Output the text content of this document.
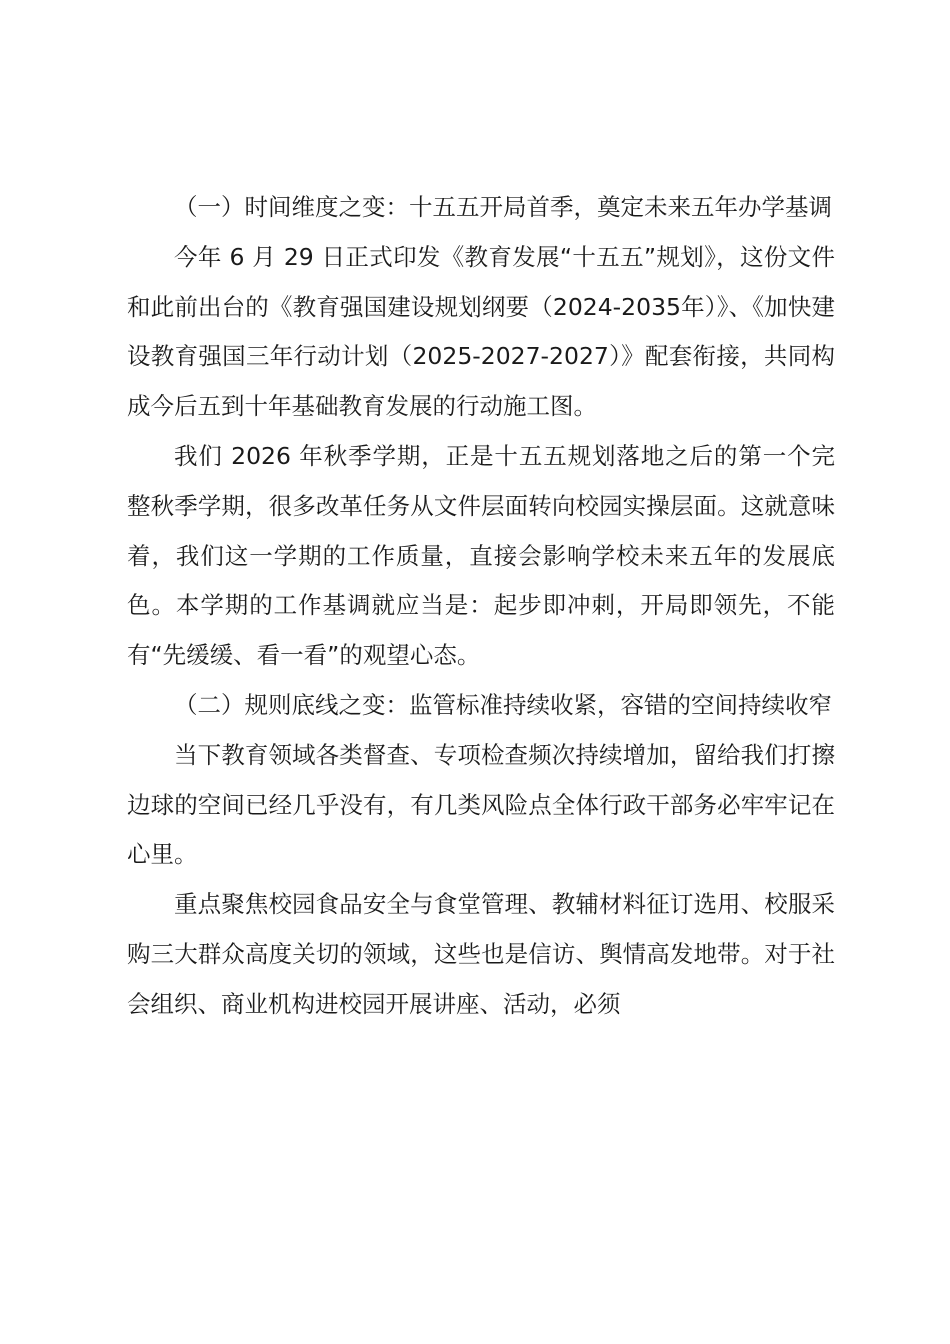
（一）时间维度之变：十五五开局首季，奠定未来五年办学基调

今年 6 月 29 日正式印发《教育发展“十五五”规划》，这份文件和此前出台的《教育强国建设规划纲要（2024-2035年）》、《加快建设教育强国三年行动计划（2025-2027-2027）》配套衔接，共同构成今后五到十年基础教育发展的行动施工图。

我们 2026 年秋季学期，正是十五五规划落地之后的第一个完整秋季学期，很多改革任务从文件层面转向校园实操层面。这就意味着，我们这一学期的工作质量，直接会影响学校未来五年的发展底色。本学期的工作基调就应当是：起步即冲刺，开局即领先，不能有“先缓缓、看一看”的观望心态。

（二）规则底线之变：监管标准持续收紧，容错的空间持续收窄

当下教育领域各类督查、专项检查频次持续增加，留给我们打擦边球的空间已经几乎没有，有几类风险点全体行政干部务必牢牢记在心里。

重点聚焦校园食品安全与食堂管理、教辅材料征订选用、校服采购三大群众高度关切的领域，这些也是信访、舆情高发地带。对于社会组织、商业机构进校园开展讲座、活动，必须
